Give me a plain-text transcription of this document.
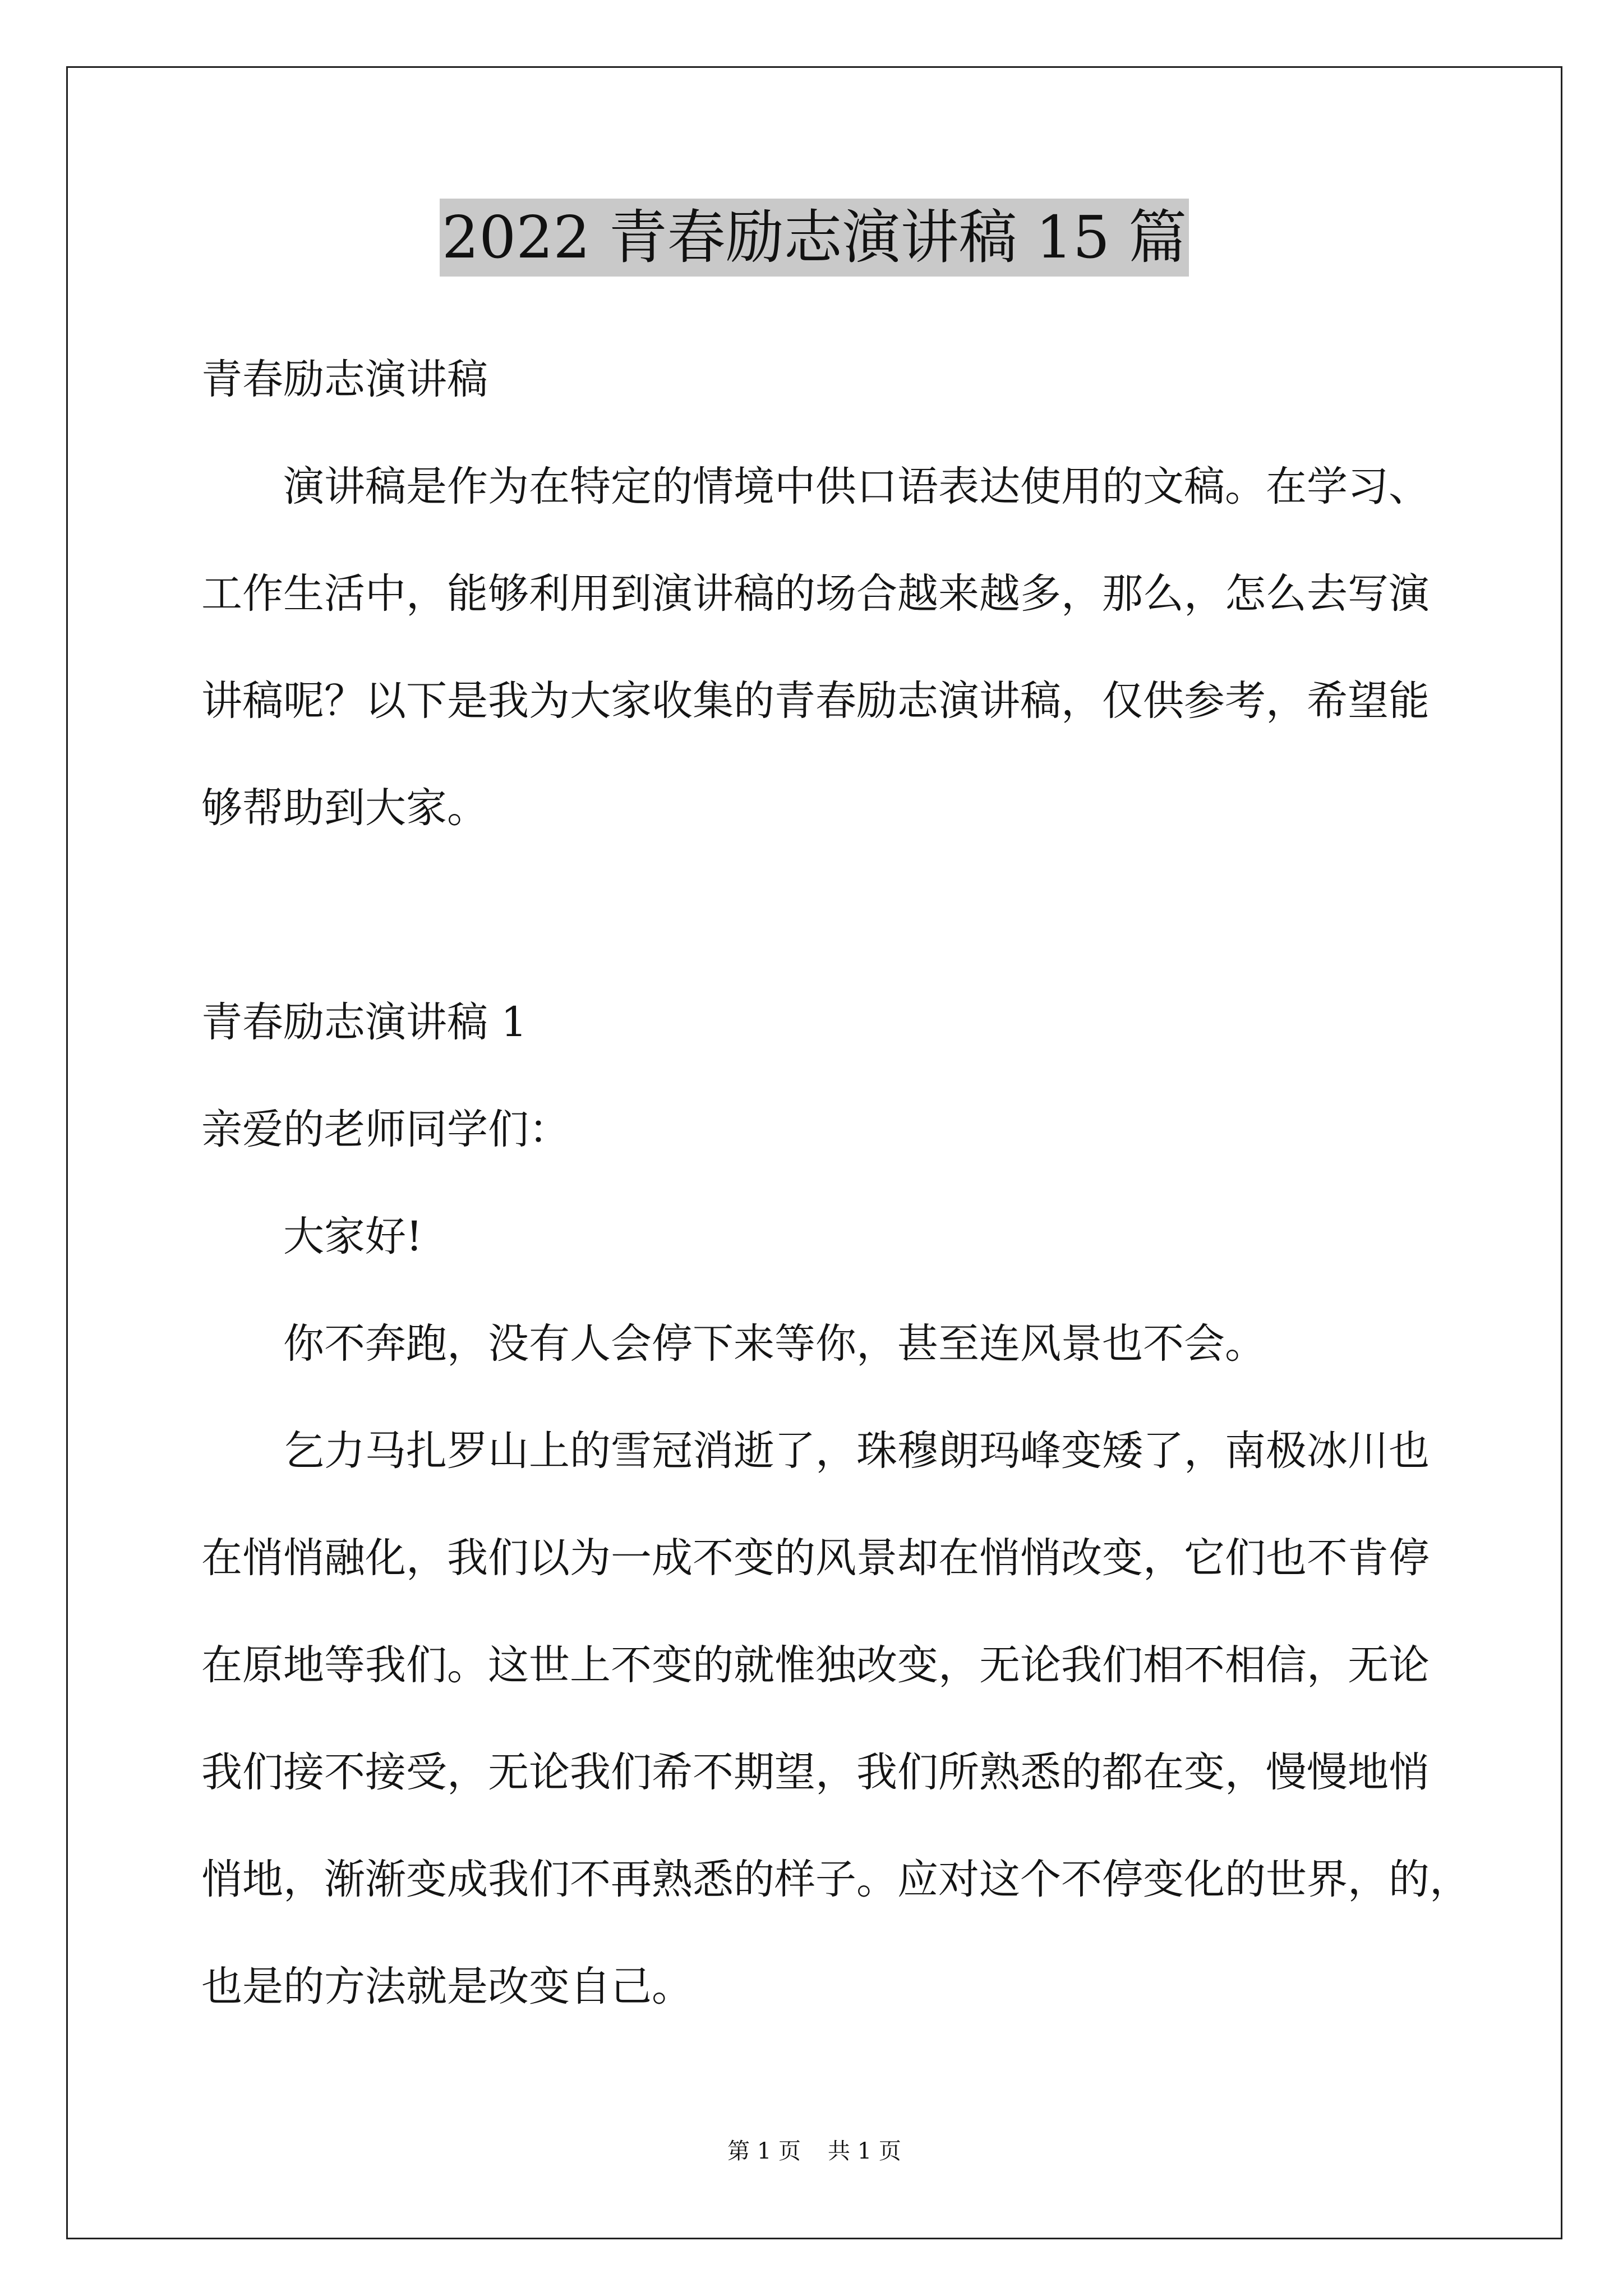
2022 青春励志演讲稿 15 篇
青春励志演讲稿
演讲稿是作为在特定的情境中供口语表达使用的文稿。在学习、
工作生活中，能够利用到演讲稿的场合越来越多，那么，怎么去写演
讲稿呢？以下是我为大家收集的青春励志演讲稿，仅供参考，希望能
够帮助到大家。
青春励志演讲稿 1
亲爱的老师同学们：
大家好!
你不奔跑，没有人会停下来等你，甚至连风景也不会。
乞力马扎罗山上的雪冠消逝了，珠穆朗玛峰变矮了，南极冰川也
在悄悄融化，我们以为一成不变的风景却在悄悄改变，它们也不肯停
在原地等我们。这世上不变的就惟独改变，无论我们相不相信，无论
我们接不接受，无论我们希不期望，我们所熟悉的都在变，慢慢地悄
悄地，渐渐变成我们不再熟悉的样子。应对这个不停变化的世界，的，
也是的方法就是改变自己。
第 1 页 共 1 页
